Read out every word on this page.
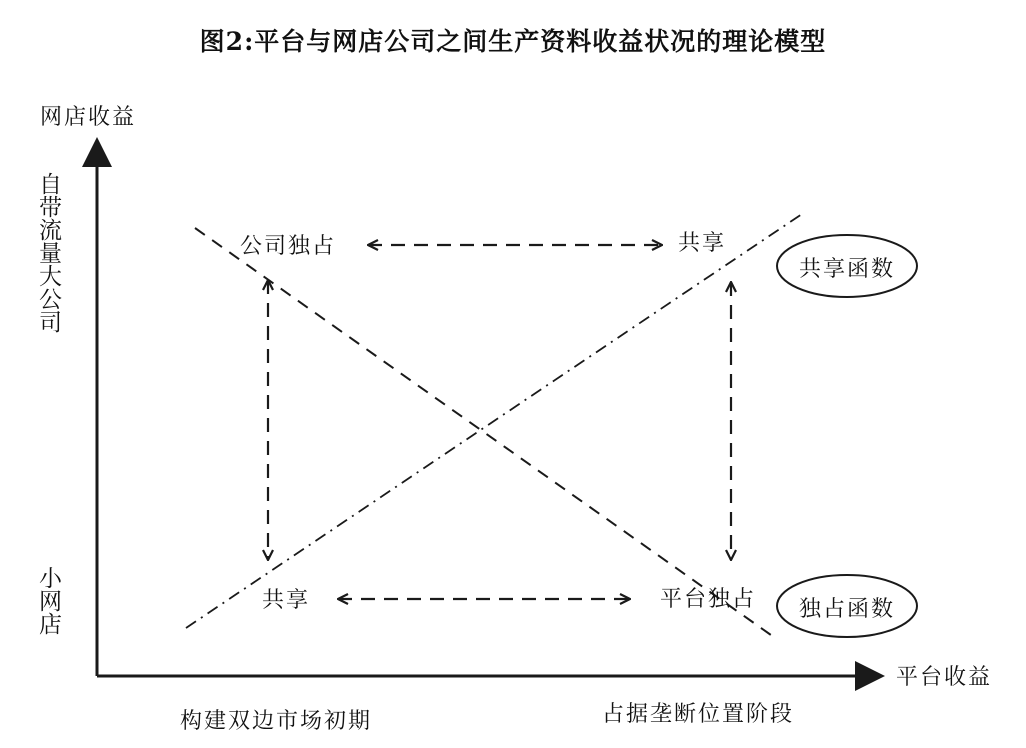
图2:平台与网店公司之间生产资料收益状况的理论模型
网店收益
自带流量大公司
小网店
平台收益
构建双边市场初期	占据垄断位置阶段
公司独占	共享
共享	平台独占
共享函数
独占函数
